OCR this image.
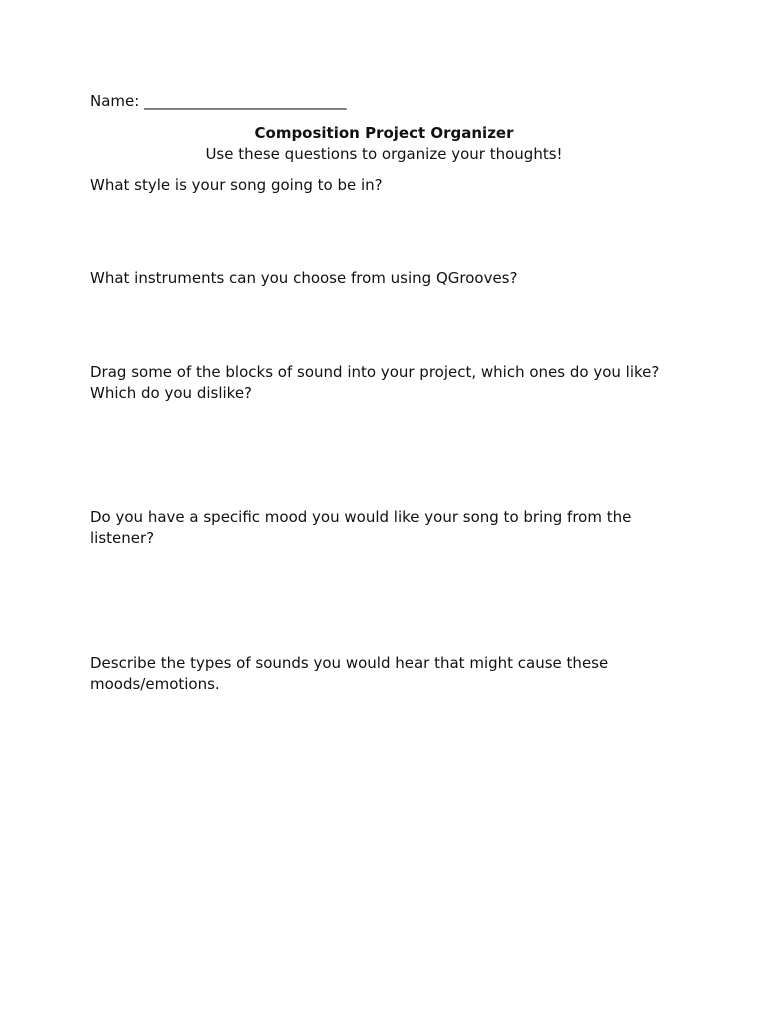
Name: ___________________________
Composition Project Organizer
Use these questions to organize your thoughts!
What style is your song going to be in?
What instruments can you choose from using QGrooves?
Drag some of the blocks of sound into your project, which ones do you like?
Which do you dislike?
Do you have a specific mood you would like your song to bring from the
listener?
Describe the types of sounds you would hear that might cause these
moods/emotions.
